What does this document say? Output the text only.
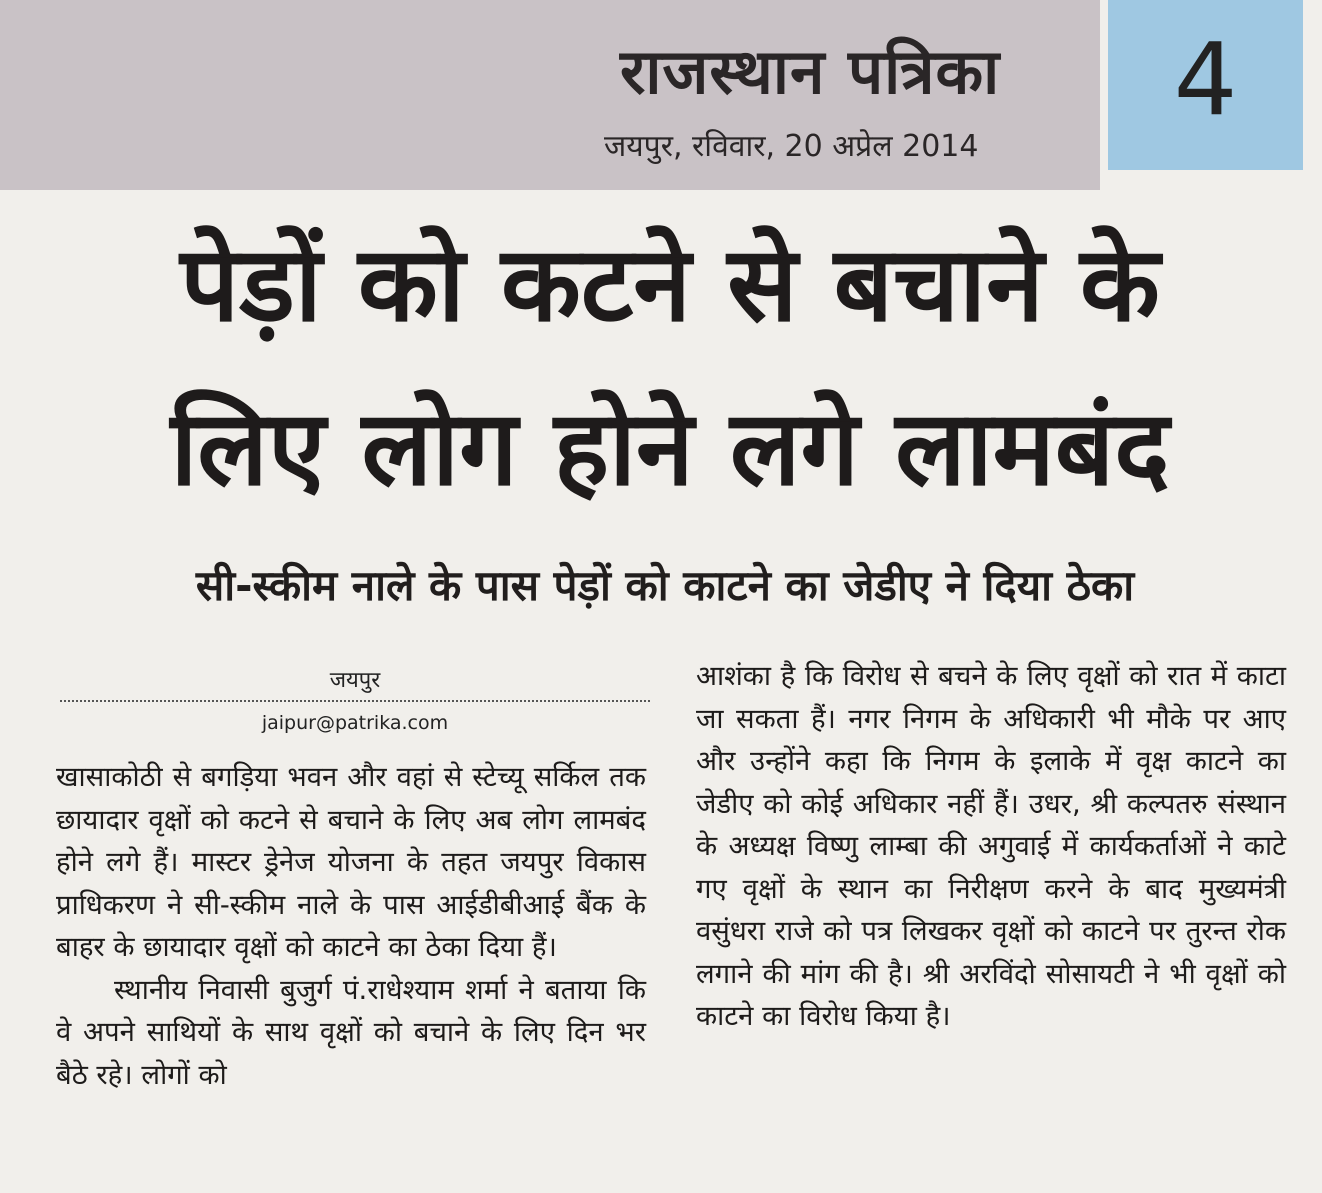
राजस्थान पत्रिका
जयपुर, रविवार, 20 अप्रेल 2014
4
पेड़ों को कटने से बचाने के
लिए लोग होने लगे लामबंद
सी-स्कीम नाले के पास पेड़ों को काटने का जेडीए ने दिया ठेका
जयपुर
jaipur@patrika.com

खासाकोठी से बगड़िया भवन और वहां से स्टेच्यू सर्किल तक छायादार वृक्षों को कटने से बचाने के लिए अब लोग लामबंद होने लगे हैं। मास्टर ड्रेनेज योजना के तहत जयपुर विकास प्राधिकरण ने सी-स्कीम नाले के पास आईडीबीआई बैंक के बाहर के छायादार वृक्षों को काटने का ठेका दिया हैं।

स्थानीय निवासी बुजुर्ग पं.राधेश्याम शर्मा ने बताया कि वे अपने साथियों के साथ वृक्षों को बचाने के लिए दिन भर बैठे रहे। लोगों को

आशंका है कि विरोध से बचने के लिए वृक्षों को रात में काटा जा सकता हैं। नगर निगम के अधिकारी भी मौके पर आए और उन्होंने कहा कि निगम के इलाके में वृक्ष काटने का जेडीए को कोई अधिकार नहीं हैं। उधर, श्री कल्पतरु संस्थान के अध्यक्ष विष्णु लाम्बा की अगुवाई में कार्यकर्ताओं ने काटे गए वृक्षों के स्थान का निरीक्षण करने के बाद मुख्यमंत्री वसुंधरा राजे को पत्र लिखकर वृक्षों को काटने पर तुरन्त रोक लगाने की मांग की है। श्री अरविंदो सोसायटी ने भी वृक्षों को काटने का विरोध किया है।
